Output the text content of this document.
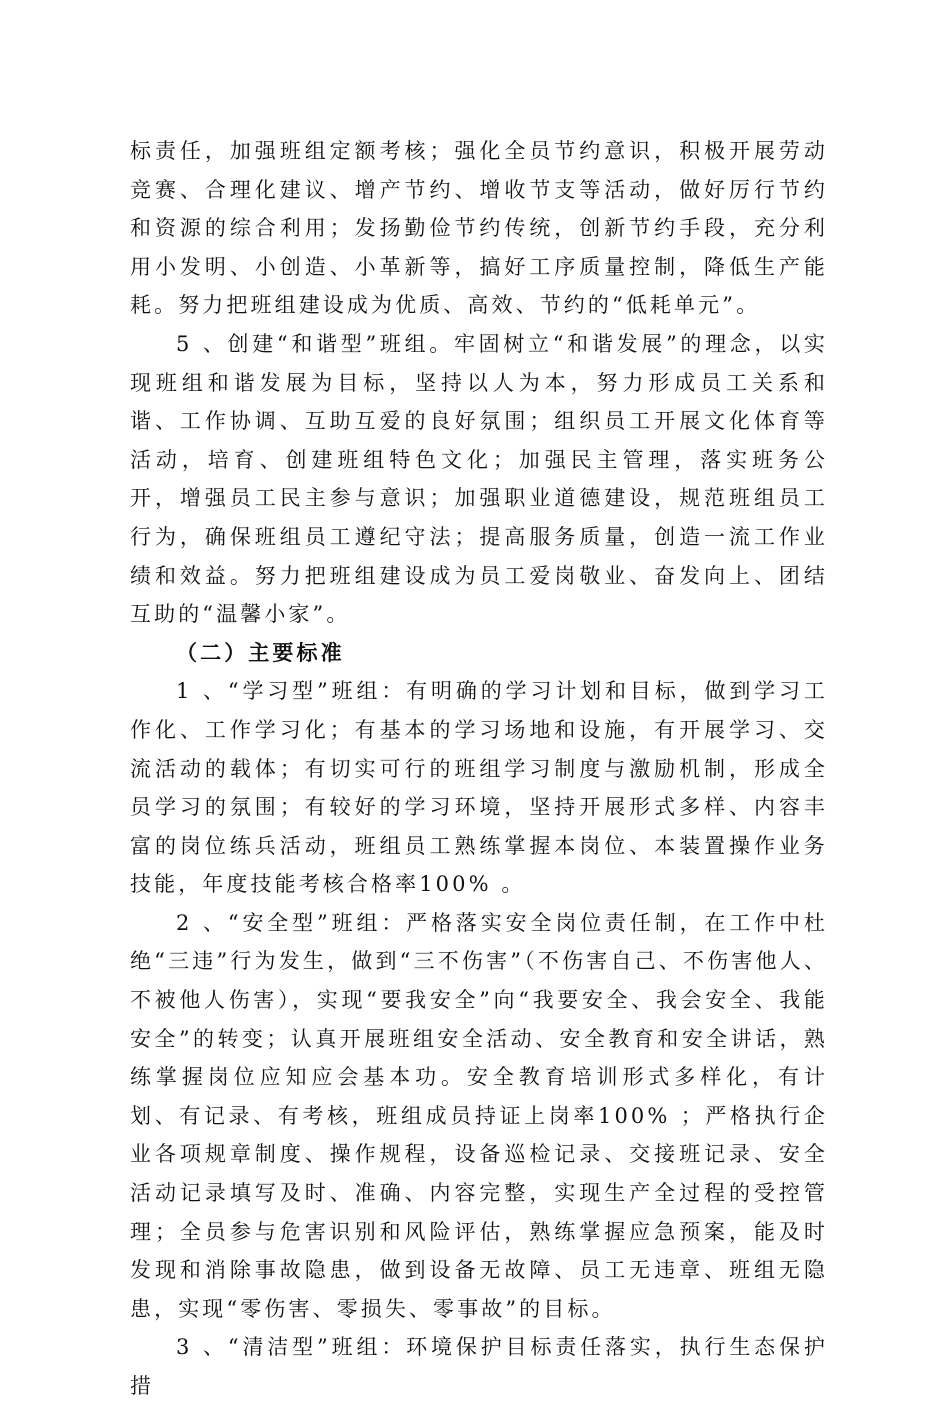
标责任，加强班组定额考核；强化全员节约意识，积极开展劳动竞赛、合理化建议、增产节约、增收节支等活动，做好厉行节约和资源的综合利用；发扬勤俭节约传统，创新节约手段，充分利用小发明、小创造、小革新等，搞好工序质量控制，降低生产能耗。努力把班组建设成为优质、高效、节约的“低耗单元”。

5 、创建“和谐型”班组。牢固树立“和谐发展”的理念，以实现班组和谐发展为目标，坚持以人为本，努力形成员工关系和谐、工作协调、互助互爱的良好氛围；组织员工开展文化体育等活动，培育、创建班组特色文化；加强民主管理，落实班务公开，增强员工民主参与意识；加强职业道德建设，规范班组员工行为，确保班组员工遵纪守法；提高服务质量，创造一流工作业绩和效益。努力把班组建设成为员工爱岗敬业、奋发向上、团结互助的“温馨小家”。

（二）主要标准

1 、“学习型”班组：有明确的学习计划和目标，做到学习工作化、工作学习化；有基本的学习场地和设施，有开展学习、交流活动的载体；有切实可行的班组学习制度与激励机制，形成全员学习的氛围；有较好的学习环境，坚持开展形式多样、内容丰富的岗位练兵活动，班组员工熟练掌握本岗位、本装置操作业务技能，年度技能考核合格率100% 。

2 、“安全型”班组：严格落实安全岗位责任制，在工作中杜绝“三违”行为发生，做到“三不伤害”（不伤害自己、不伤害他人、不被他人伤害），实现“要我安全”向“我要安全、我会安全、我能安全”的转变；认真开展班组安全活动、安全教育和安全讲话，熟练掌握岗位应知应会基本功。安全教育培训形式多样化，有计划、有记录、有考核，班组成员持证上岗率100% ；严格执行企业各项规章制度、操作规程，设备巡检记录、交接班记录、安全活动记录填写及时、准确、内容完整，实现生产全过程的受控管理；全员参与危害识别和风险评估，熟练掌握应急预案，能及时发现和消除事故隐患，做到设备无故障、员工无违章、班组无隐患，实现“零伤害、零损失、零事故”的目标。

3 、“清洁型”班组：环境保护目标责任落实，执行生态保护措
